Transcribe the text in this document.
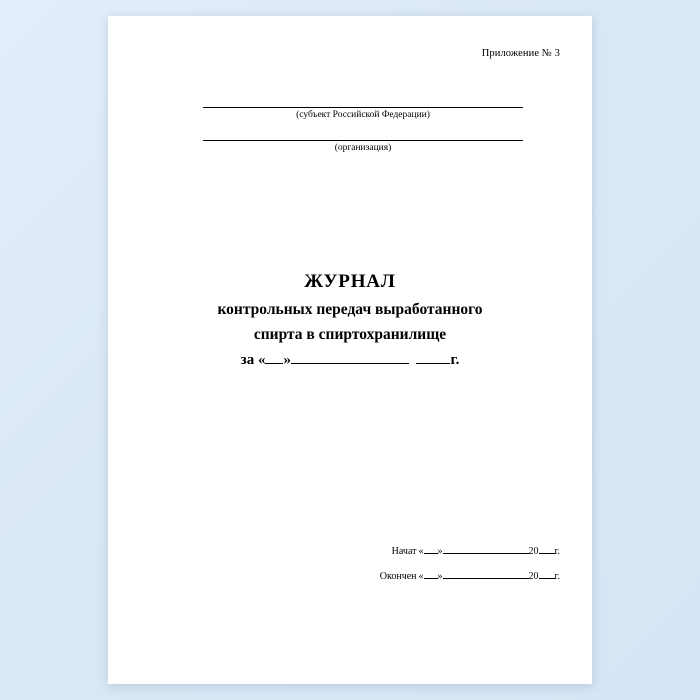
Приложение № 3
(субъект Российской Федерации)
(организация)
ЖУРНАЛ
контрольных передач выработанного
спирта в спиртохранилище
за « »	г.
Начат « »	20 г.
Окончен « »	20 г.
